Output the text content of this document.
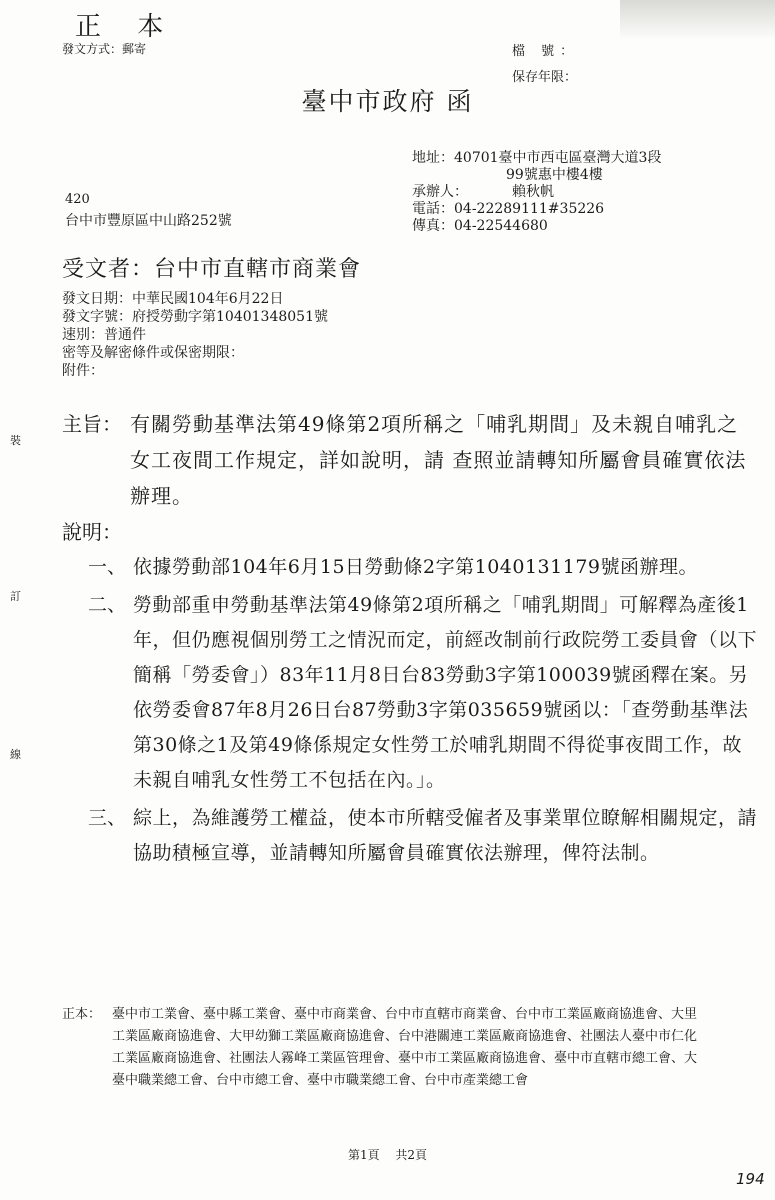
正 本
發文方式：郵寄	檔 號：
保存年限：
臺中市政府 函
地址： 40701臺中市西屯區臺灣大道3段
99號惠中樓4樓
承辦人：	賴秋帆
電話： 04-22289111#35226
傳真： 04-22544680
420
台中市豐原區中山路252號
受文者：台中市直轄市商業會
發文日期：中華民國104年6月22日
發文字號：府授勞動字第10401348051號
速別：普通件
密等及解密條件或保密期限：
附件：
裝
訂
線
主旨： 有關勞動基準法第49條第2項所稱之「哺乳期間」及未親自哺乳之女工夜間工作規定，詳如說明，請 查照並請轉知所屬會員確實依法辦理。
說明：
一、 依據勞動部104年6月15日勞動條2字第1040131179號函辦理。
二、 勞動部重申勞動基準法第49條第2項所稱之「哺乳期間」可解釋為產後1年，但仍應視個別勞工之情況而定，前經改制前行政院勞工委員會（以下簡稱「勞委會」）83年11月8日台83勞動3字第100039號函釋在案。另依勞委會87年8月26日台87勞動3字第035659號函以：「查勞動基準法第30條之1及第49條係規定女性勞工於哺乳期間不得從事夜間工作，故未親自哺乳女性勞工不包括在內。」。
三、 綜上，為維護勞工權益，使本市所轄受僱者及事業單位瞭解相關規定，請協助積極宣導，並請轉知所屬會員確實依法辦理，俾符法制。
正本： 臺中市工業會、臺中縣工業會、臺中市商業會、台中市直轄市商業會、台中市工業區廠商協進會、大里工業區廠商協進會、大甲幼獅工業區廠商協進會、台中港關連工業區廠商協進會、社團法人臺中市仁化工業區廠商協進會、社團法人霧峰工業區管理會、臺中市工業區廠商協進會、臺中市直轄市總工會、大臺中職業總工會、台中市總工會、臺中市職業總工會、台中市產業總工會
第1頁 共2頁
194
